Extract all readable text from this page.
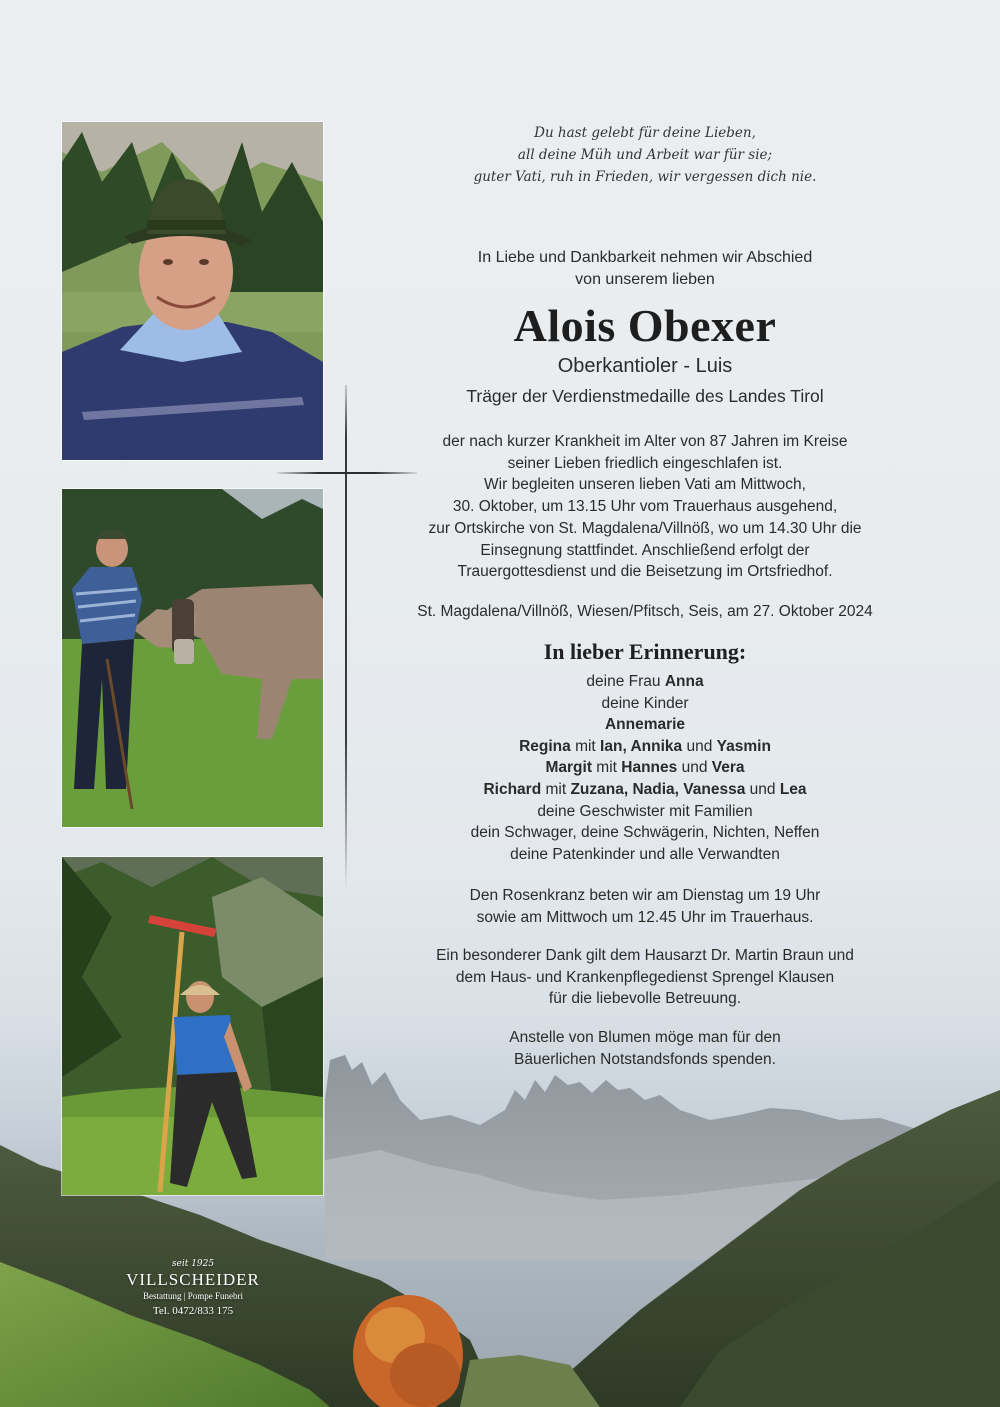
Du hast gelebt für deine Lieben,
all deine Müh und Arbeit war für sie;
guter Vati, ruh in Frieden, wir vergessen dich nie.
In Liebe und Dankbarkeit nehmen wir Abschied
von unserem lieben
Alois Obexer
Oberkantioler - Luis
Träger der Verdienstmedaille des Landes Tirol
der nach kurzer Krankheit im Alter von 87 Jahren im Kreise
seiner Lieben friedlich eingeschlafen ist.
Wir begleiten unseren lieben Vati am Mittwoch,
30. Oktober, um 13.15 Uhr vom Trauerhaus ausgehend,
zur Ortskirche von St. Magdalena/Villnöß, wo um 14.30 Uhr die
Einsegnung stattfindet. Anschließend erfolgt der
Trauergottesdienst und die Beisetzung im Ortsfriedhof.
St. Magdalena/Villnöß, Wiesen/Pfitsch, Seis, am 27. Oktober 2024
In lieber Erinnerung:
deine Frau Anna
deine Kinder
Annemarie
Regina mit Ian, Annika und Yasmin
Margit mit Hannes und Vera
Richard mit Zuzana, Nadia, Vanessa und Lea
deine Geschwister mit Familien
dein Schwager, deine Schwägerin, Nichten, Neffen
deine Patenkinder und alle Verwandten
Den Rosenkranz beten wir am Dienstag um 19 Uhr
sowie am Mittwoch um 12.45 Uhr im Trauerhaus.
Ein besonderer Dank gilt dem Hausarzt Dr. Martin Braun und
dem Haus- und Krankenpflegedienst Sprengel Klausen
für die liebevolle Betreuung.
Anstelle von Blumen möge man für den
Bäuerlichen Notstandsfonds spenden.
seit 1925
VILLSCHEIDER
Bestattung | Pompe Funebri
Tel. 0472/833 175
